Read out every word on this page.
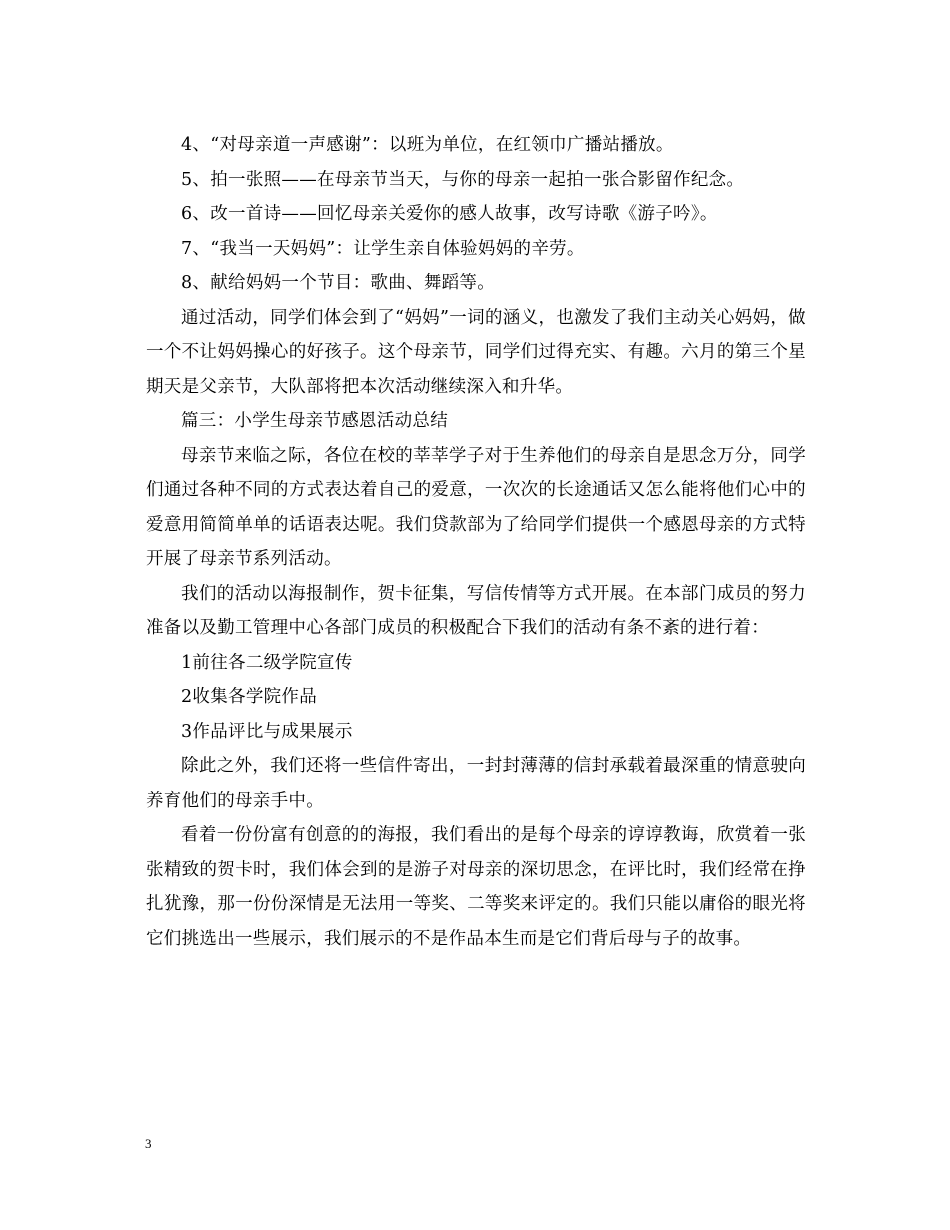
4、“对母亲道一声感谢”：以班为单位，在红领巾广播站播放。

5、拍一张照——在母亲节当天，与你的母亲一起拍一张合影留作纪念。

6、改一首诗——回忆母亲关爱你的感人故事，改写诗歌《游子吟》。

7、“我当一天妈妈”：让学生亲自体验妈妈的辛劳。

8、献给妈妈一个节目：歌曲、舞蹈等。

通过活动，同学们体会到了“妈妈”一词的涵义，也激发了我们主动关心妈妈，做一个不让妈妈操心的好孩子。这个母亲节，同学们过得充实、有趣。六月的第三个星期天是父亲节，大队部将把本次活动继续深入和升华。

篇三：小学生母亲节感恩活动总结

母亲节来临之际，各位在校的莘莘学子对于生养他们的母亲自是思念万分，同学们通过各种不同的方式表达着自己的爱意，一次次的长途通话又怎么能将他们心中的爱意用简简单单的话语表达呢。我们贷款部为了给同学们提供一个感恩母亲的方式特开展了母亲节系列活动。

我们的活动以海报制作，贺卡征集，写信传情等方式开展。在本部门成员的努力准备以及勤工管理中心各部门成员的积极配合下我们的活动有条不紊的进行着：

1前往各二级学院宣传

2收集各学院作品

3作品评比与成果展示

除此之外，我们还将一些信件寄出，一封封薄薄的信封承载着最深重的情意驶向养育他们的母亲手中。

看着一份份富有创意的的海报，我们看出的是每个母亲的谆谆教诲，欣赏着一张张精致的贺卡时，我们体会到的是游子对母亲的深切思念，在评比时，我们经常在挣扎犹豫，那一份份深情是无法用一等奖、二等奖来评定的。我们只能以庸俗的眼光将它们挑选出一些展示，我们展示的不是作品本生而是它们背后母与子的故事。

3
